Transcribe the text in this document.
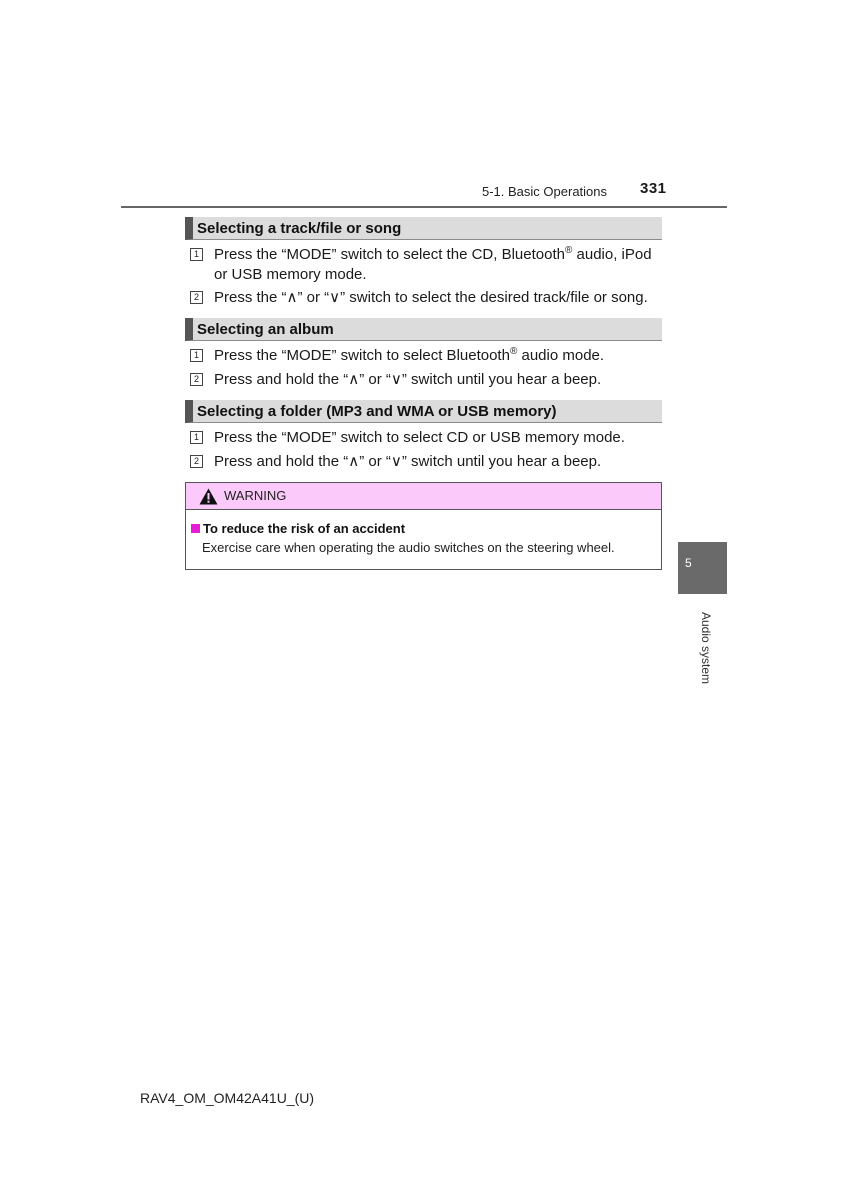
5-1. Basic Operations 331
Selecting a track/file or song
1 Press the “MODE” switch to select the CD, Bluetooth® audio, iPod or USB memory mode.
2 Press the “∧” or “∨” switch to select the desired track/file or song.
Selecting an album
1 Press the “MODE” switch to select Bluetooth® audio mode.
2 Press and hold the “∧” or “∨” switch until you hear a beep.
Selecting a folder (MP3 and WMA or USB memory)
1 Press the “MODE” switch to select CD or USB memory mode.
2 Press and hold the “∧” or “∨” switch until you hear a beep.
WARNING
To reduce the risk of an accident
Exercise care when operating the audio switches on the steering wheel.
5
Audio system
RAV4_OM_OM42A41U_(U)
